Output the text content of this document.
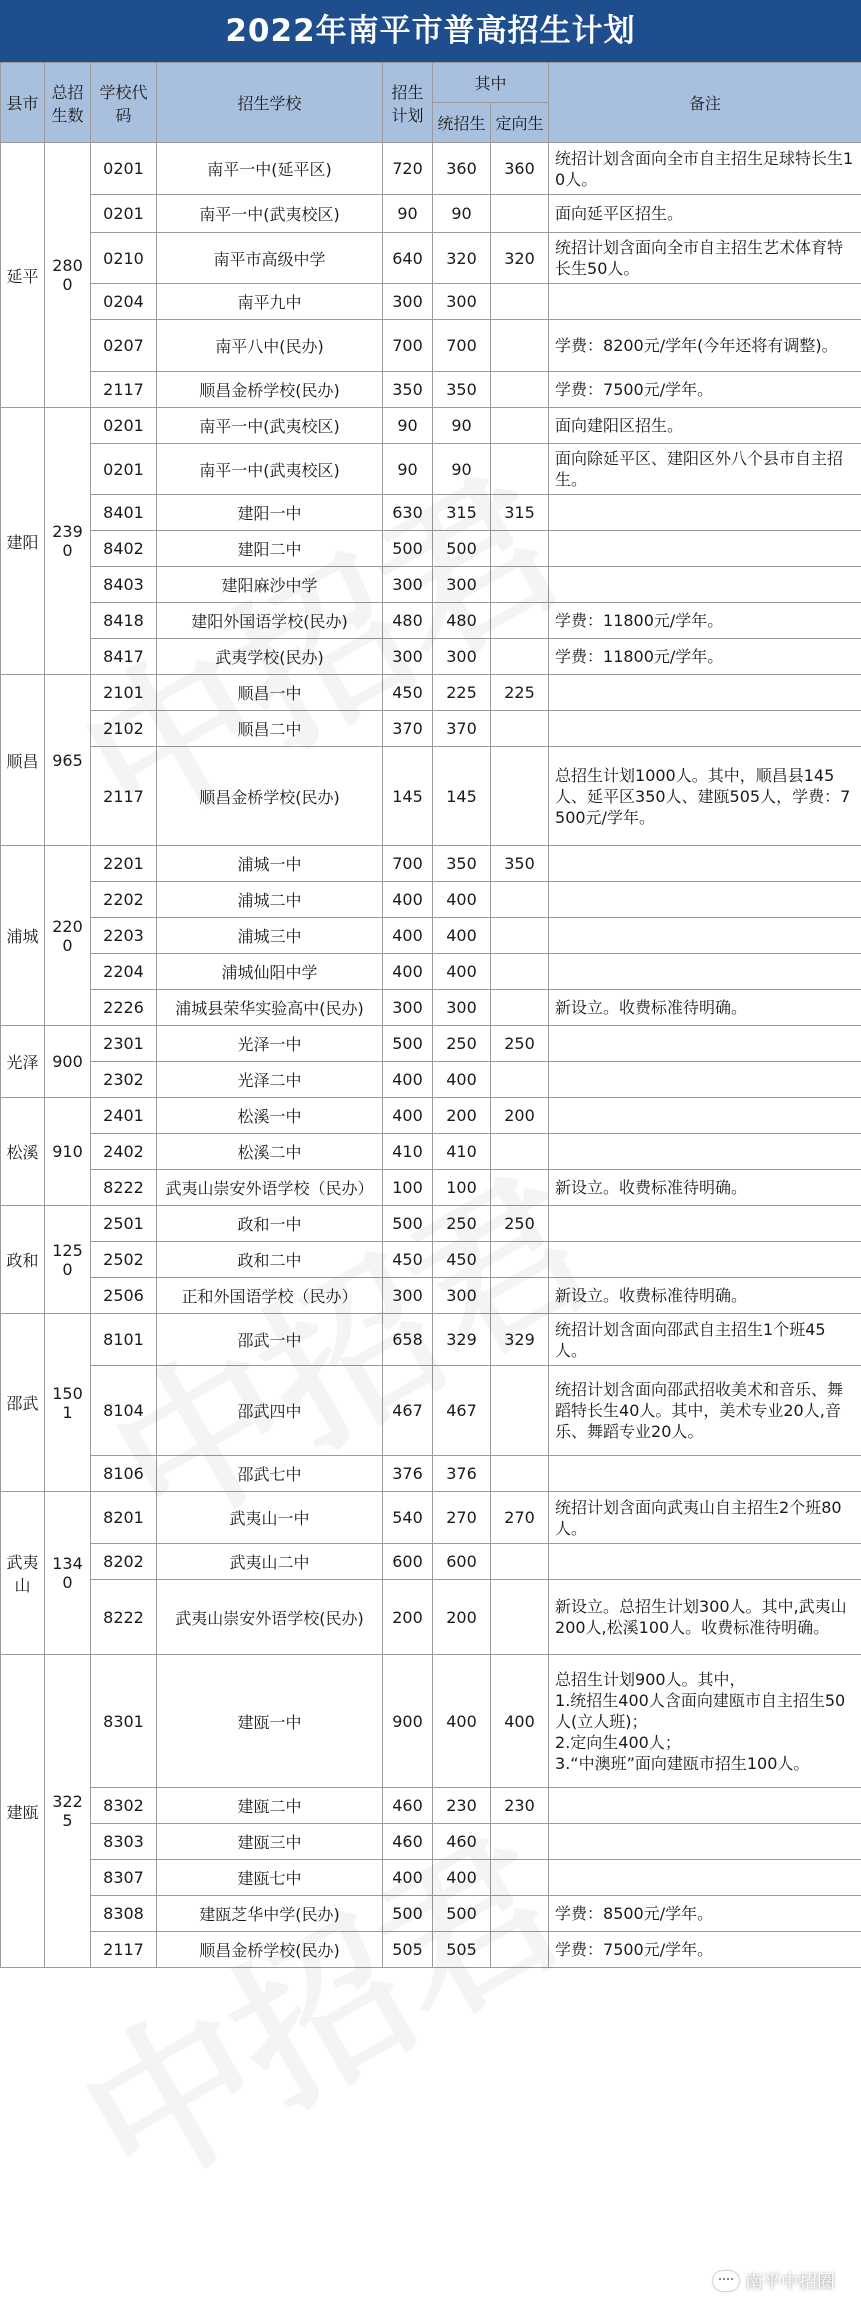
2022年南平市普高招生计划
县市	总招生数	学校代码	招生学校	招生计划	其中		备注
					统招生	定向生	
延平	2800	0201	南平一中(延平区)	720	360	360	统招计划含面向全市自主招生足球特长生10人。
		0201	南平一中(武夷校区)	90	90		面向延平区招生。
		0210	南平市高级中学	640	320	320	统招计划含面向全市自主招生艺术体育特长生50人。
		0204	南平九中	300	300		
		0207	南平八中(民办)	700	700		学费：8200元/学年(今年还将有调整)。
		2117	顺昌金桥学校(民办)	350	350		学费：7500元/学年。
建阳	2390	0201	南平一中(武夷校区)	90	90		面向建阳区招生。
		0201	南平一中(武夷校区)	90	90		面向除延平区、建阳区外八个县市自主招生。
		8401	建阳一中	630	315	315	
		8402	建阳二中	500	500		
		8403	建阳麻沙中学	300	300		
		8418	建阳外国语学校(民办)	480	480		学费：11800元/学年。
		8417	武夷学校(民办)	300	300		学费：11800元/学年。
顺昌	965	2101	顺昌一中	450	225	225	
		2102	顺昌二中	370	370		
		2117	顺昌金桥学校(民办)	145	145		总招生计划1000人。其中，顺昌县145人、延平区350人、建瓯505人，学费：7500元/学年。
浦城	2200	2201	浦城一中	700	350	350	
		2202	浦城二中	400	400		
		2203	浦城三中	400	400		
		2204	浦城仙阳中学	400	400		
		2226	浦城县荣华实验高中(民办)	300	300		新设立。收费标准待明确。
光泽	900	2301	光泽一中	500	250	250	
		2302	光泽二中	400	400		
松溪	910	2401	松溪一中	400	200	200	
		2402	松溪二中	410	410		
		8222	武夷山崇安外语学校（民办）	100	100		新设立。收费标准待明确。
政和	1250	2501	政和一中	500	250	250	
		2502	政和二中	450	450		
		2506	正和外国语学校（民办）	300	300		新设立。收费标准待明确。
邵武	1501	8101	邵武一中	658	329	329	统招计划含面向邵武自主招生1个班45人。
		8104	邵武四中	467	467		统招计划含面向邵武招收美术和音乐、舞蹈特长生40人。其中，美术专业20人,音乐、舞蹈专业20人。
		8106	邵武七中	376	376		
武夷山	1340	8201	武夷山一中	540	270	270	统招计划含面向武夷山自主招生2个班80人。
		8202	武夷山二中	600	600		
		8222	武夷山崇安外语学校(民办)	200	200		新设立。总招生计划300人。其中,武夷山200人,松溪100人。收费标准待明确。
建瓯	3225	8301	建瓯一中	900	400	400	总招生计划900人。其中，
1.统招生400人含面向建瓯市自主招生50人(立人班)；
2.定向生400人；
3.“中澳班”面向建瓯市招生100人。
		8302	建瓯二中	460	230	230	
		8303	建瓯三中	460	460		
		8307	建瓯七中	400	400		
		8308	建瓯芝华中学(民办)	500	500		学费：8500元/学年。
		2117	顺昌金桥学校(民办)	505	505		学费：7500元/学年。
南平中招圈
